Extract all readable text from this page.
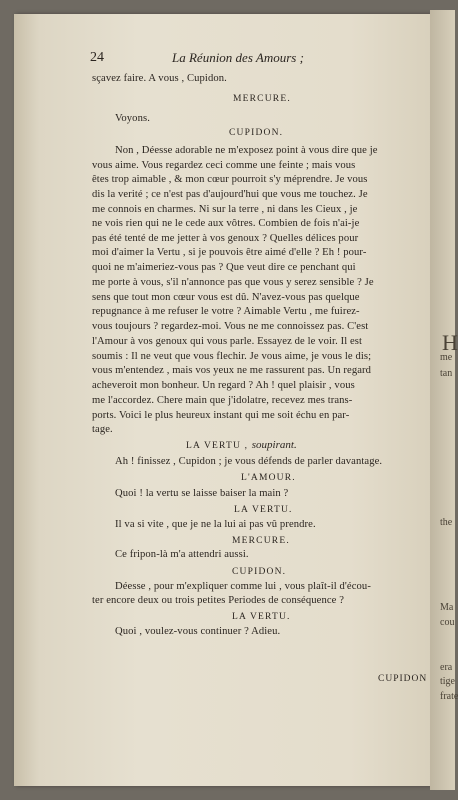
24	La Réunion des Amours ;
sçavez faire. A vous , Cupidon.
MERCURE.
Voyons.
CUPIDON.
Non , Déesse adorable ne m'exposez point à vous dire que je
vous aime. Vous regardez ceci comme une feinte ; mais vous
êtes trop aimable , & mon cœur pourroit s'y méprendre. Je vous
dis la verité ; ce n'est pas d'aujourd'hui que vous me touchez. Je
me connois en charmes. Ni sur la terre , ni dans les Cieux , je
ne vois rien qui ne le cede aux vôtres. Combien de fois n'ai-je
pas été tenté de me jetter à vos genoux ? Quelles délices pour
moi d'aimer la Vertu , si je pouvois être aimé d'elle ? Eh ! pour-
quoi ne m'aimeriez-vous pas ? Que veut dire ce penchant qui
me porte à vous, s'il n'annonce pas que vous y serez sensible ? Je
sens que tout mon cœur vous est dû. N'avez-vous pas quelque
repugnance à me refuser le votre ? Aimable Vertu , me fuirez-
vous toujours ? regardez-moi. Vous ne me connoissez pas. C'est
l'Amour à vos genoux qui vous parle. Essayez de le voir. Il est
soumis : Il ne veut que vous flechir. Je vous aime, je vous le dis;
vous m'entendez , mais vos yeux ne me rassurent pas. Un regard
acheveroit mon bonheur. Un regard ? Ah ! quel plaisir , vous
me l'accordez. Chere main que j'idolatre, recevez mes trans-
ports. Voici le plus heureux instant qui me soit échu en par-
tage.
LA VERTU , soupirant.
Ah ! finissez , Cupidon ; je vous défends de parler davantage.
L'AMOUR.
Quoi ! la vertu se laisse baiser la main ?
LA VERTU.
Il va si vite , que je ne la lui ai pas vû prendre.
MERCURE.
Ce fripon-là m'a attendri aussi.
CUPIDON.
Déesse , pour m'expliquer comme lui , vous plaît-il d'écou-
ter encore deux ou trois petites Periodes de conséquence ?
LA VERTU.
Quoi , voulez-vous continuer ? Adieu.
CUPIDON
H
me
tan
the
Ma
cou
era
tige
frate
